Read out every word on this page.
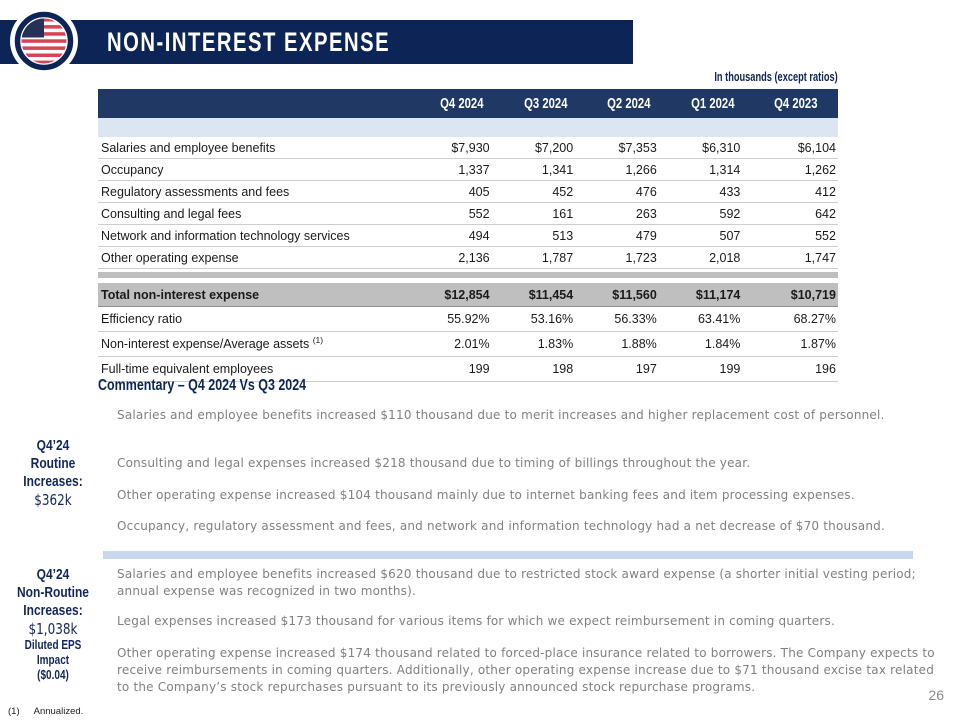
NON-INTEREST EXPENSE
In thousands (except ratios)
Q4 2024	Q3 2024	Q2 2024	Q1 2024	Q4 2023
Salaries and employee benefits	$7,930	$7,200	$7,353	$6,310	$6,104
Occupancy	1,337	1,341	1,266	1,314	1,262
Regulatory assessments and fees	405	452	476	433	412
Consulting and legal fees	552	161	263	592	642
Network and information technology services	494	513	479	507	552
Other operating expense	2,136	1,787	1,723	2,018	1,747
Total non-interest expense	$12,854	$11,454	$11,560	$11,174	$10,719
Efficiency ratio	55.92%	53.16%	56.33%	63.41%	68.27%
Non-interest expense/Average assets $^{(1)}$	2.01%	1.83%	1.88%	1.84%	1.87%
Full-time equivalent employees	199	198	197	199	196
Commentary – Q4 2024 Vs Q3 2024
Q4’24
Routine
Increases:
$362k
Salaries and employee benefits increased $110 thousand due to merit increases and higher replacement cost of personnel.
Consulting and legal expenses increased $218 thousand due to timing of billings throughout the year.
Other operating expense increased $104 thousand mainly due to internet banking fees and item processing expenses.
Occupancy, regulatory assessment and fees, and network and information technology had a net decrease of $70 thousand.
Q4’24
Non-Routine
Increases:
$1,038k
Diluted EPS Impact
($0.04)
Salaries and employee benefits increased $620 thousand due to restricted stock award expense (a shorter initial vesting period; annual expense was recognized in two months).
Legal expenses increased $173 thousand for various items for which we expect reimbursement in coming quarters.
Other operating expense increased $174 thousand related to forced-place insurance related to borrowers. The Company expects to receive reimbursements in coming quarters. Additionally, other operating expense increase due to $71 thousand excise tax related to the Company’s stock repurchases pursuant to its previously announced stock repurchase programs.
(1) Annualized.
26
